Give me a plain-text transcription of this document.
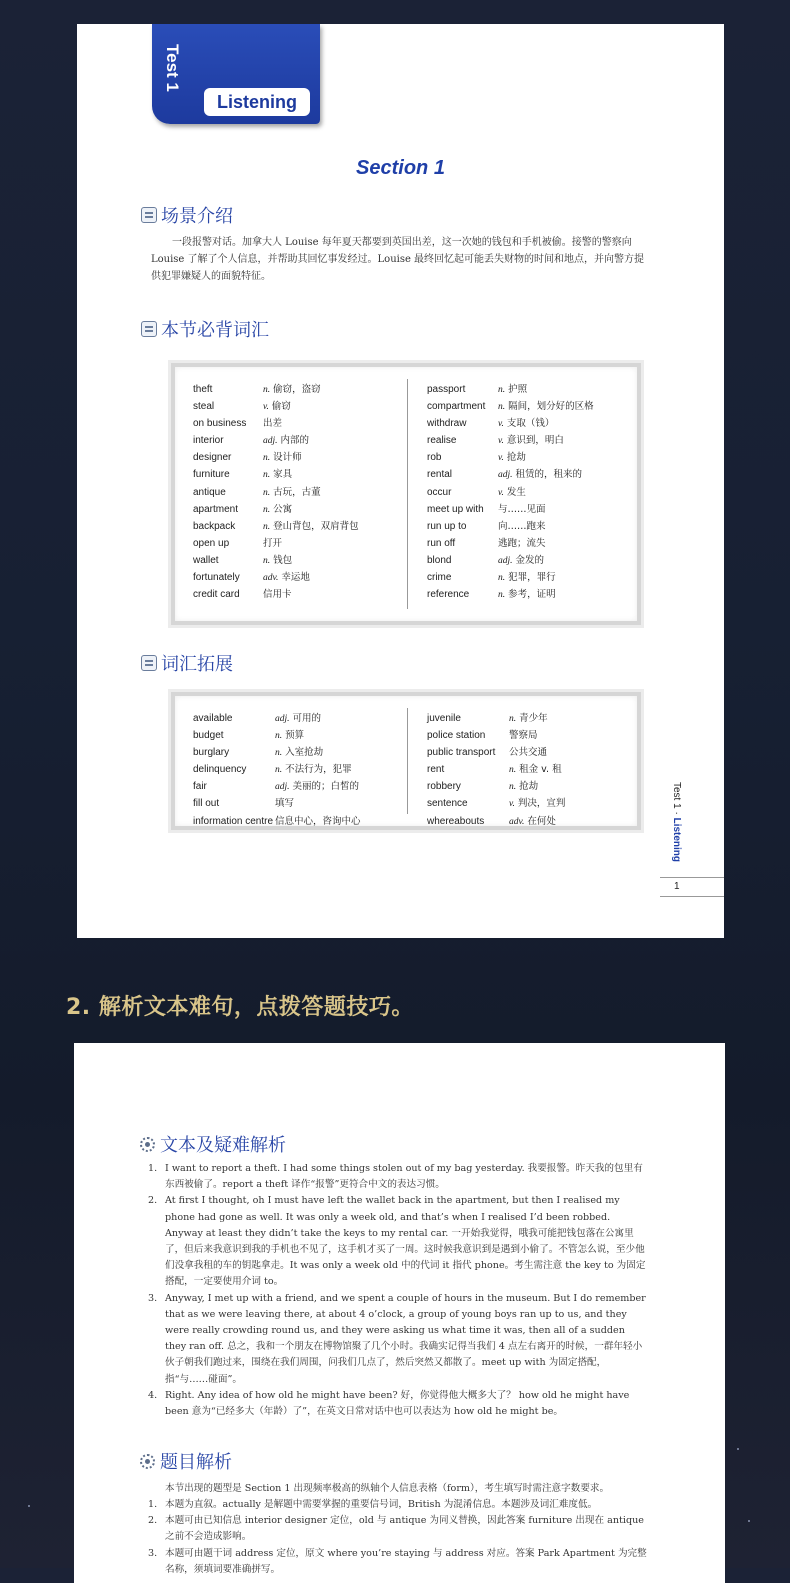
Test 1
Listening
Section 1
场景介绍
一段报警对话。加拿大人 Louise 每年夏天都要到英国出差，这一次她的钱包和手机被偷。接警的警察向 Louise 了解了个人信息，并帮助其回忆事发经过。Louise 最终回忆起可能丢失财物的时间和地点，并向警方提供犯罪嫌疑人的面貌特征。
本节必背词汇
theft	n. 偷窃，盗窃
steal	v. 偷窃
on business	出差
interior	adj. 内部的
designer	n. 设计师
furniture	n. 家具
antique	n. 古玩，古董
apartment	n. 公寓
backpack	n. 登山背包，双肩背包
open up	打开
wallet	n. 钱包
fortunately	adv. 幸运地
credit card	信用卡
passport	n. 护照
compartment	n. 隔间，划分好的区格
withdraw	v. 支取（钱）
realise	v. 意识到，明白
rob	v. 抢劫
rental	adj. 租赁的，租来的
occur	v. 发生
meet up with	与……见面
run up to	向……跑来
run off	逃跑；流失
blond	adj. 金发的
crime	n. 犯罪，罪行
reference	n. 参考，证明
词汇拓展
available	adj. 可用的
budget	n. 预算
burglary	n. 入室抢劫
delinquency	n. 不法行为，犯罪
fair	adj. 美丽的；白皙的
fill out	填写
information centre 信息中心，咨询中心
juvenile	n. 青少年
police station	警察局
public transport	公共交通
rent	n. 租金 v. 租
robbery	n. 抢劫
sentence	v. 判决，宣判
whereabouts	adv. 在何处
Test 1 · Listening
1
2. 解析文本难句，点拨答题技巧。
文本及疑难解析
1. I want to report a theft. I had some things stolen out of my bag yesterday. 我要报警。昨天我的包里有东西被偷了。report a theft 译作“报警”更符合中文的表达习惯。
2. At first I thought, oh I must have left the wallet back in the apartment, but then I realised my phone had gone as well. It was only a week old, and that’s when I realised I’d been robbed. Anyway at least they didn’t take the keys to my rental car. 一开始我觉得，哦我可能把钱包落在公寓里了，但后来我意识到我的手机也不见了，这手机才买了一周。这时候我意识到是遇到小偷了。不管怎么说，至少他们没拿我租的车的钥匙拿走。It was only a week old 中的代词 it 指代 phone。考生需注意 the key to 为固定搭配，一定要使用介词 to。
3. Anyway, I met up with a friend, and we spent a couple of hours in the museum. But I do remember that as we were leaving there, at about 4 o’clock, a group of young boys ran up to us, and they were really crowding round us, and they were asking us what time it was, then all of a sudden they ran off. 总之，我和一个朋友在博物馆聚了几个小时。我确实记得当我们 4 点左右离开的时候，一群年轻小伙子朝我们跑过来，围绕在我们周围，问我们几点了，然后突然又都散了。meet up with 为固定搭配，指“与……碰面”。
4. Right. Any idea of how old he might have been? 好，你觉得他大概多大了？ how old he might have been 意为“已经多大（年龄）了”，在英文日常对话中也可以表达为 how old he might be。
题目解析
本节出现的题型是 Section 1 出现频率极高的纵轴个人信息表格（form），考生填写时需注意字数要求。
1. 本题为直叙。actually 是解题中需要掌握的重要信号词，British 为混淆信息。本题涉及词汇难度低。
2. 本题可由已知信息 interior designer 定位，old 与 antique 为同义替换，因此答案 furniture 出现在 antique 之前不会造成影响。
3. 本题可由题干词 address 定位，原文 where you’re staying 与 address 对应。答案 Park Apartment 为完整名称，须填词要准确拼写。
